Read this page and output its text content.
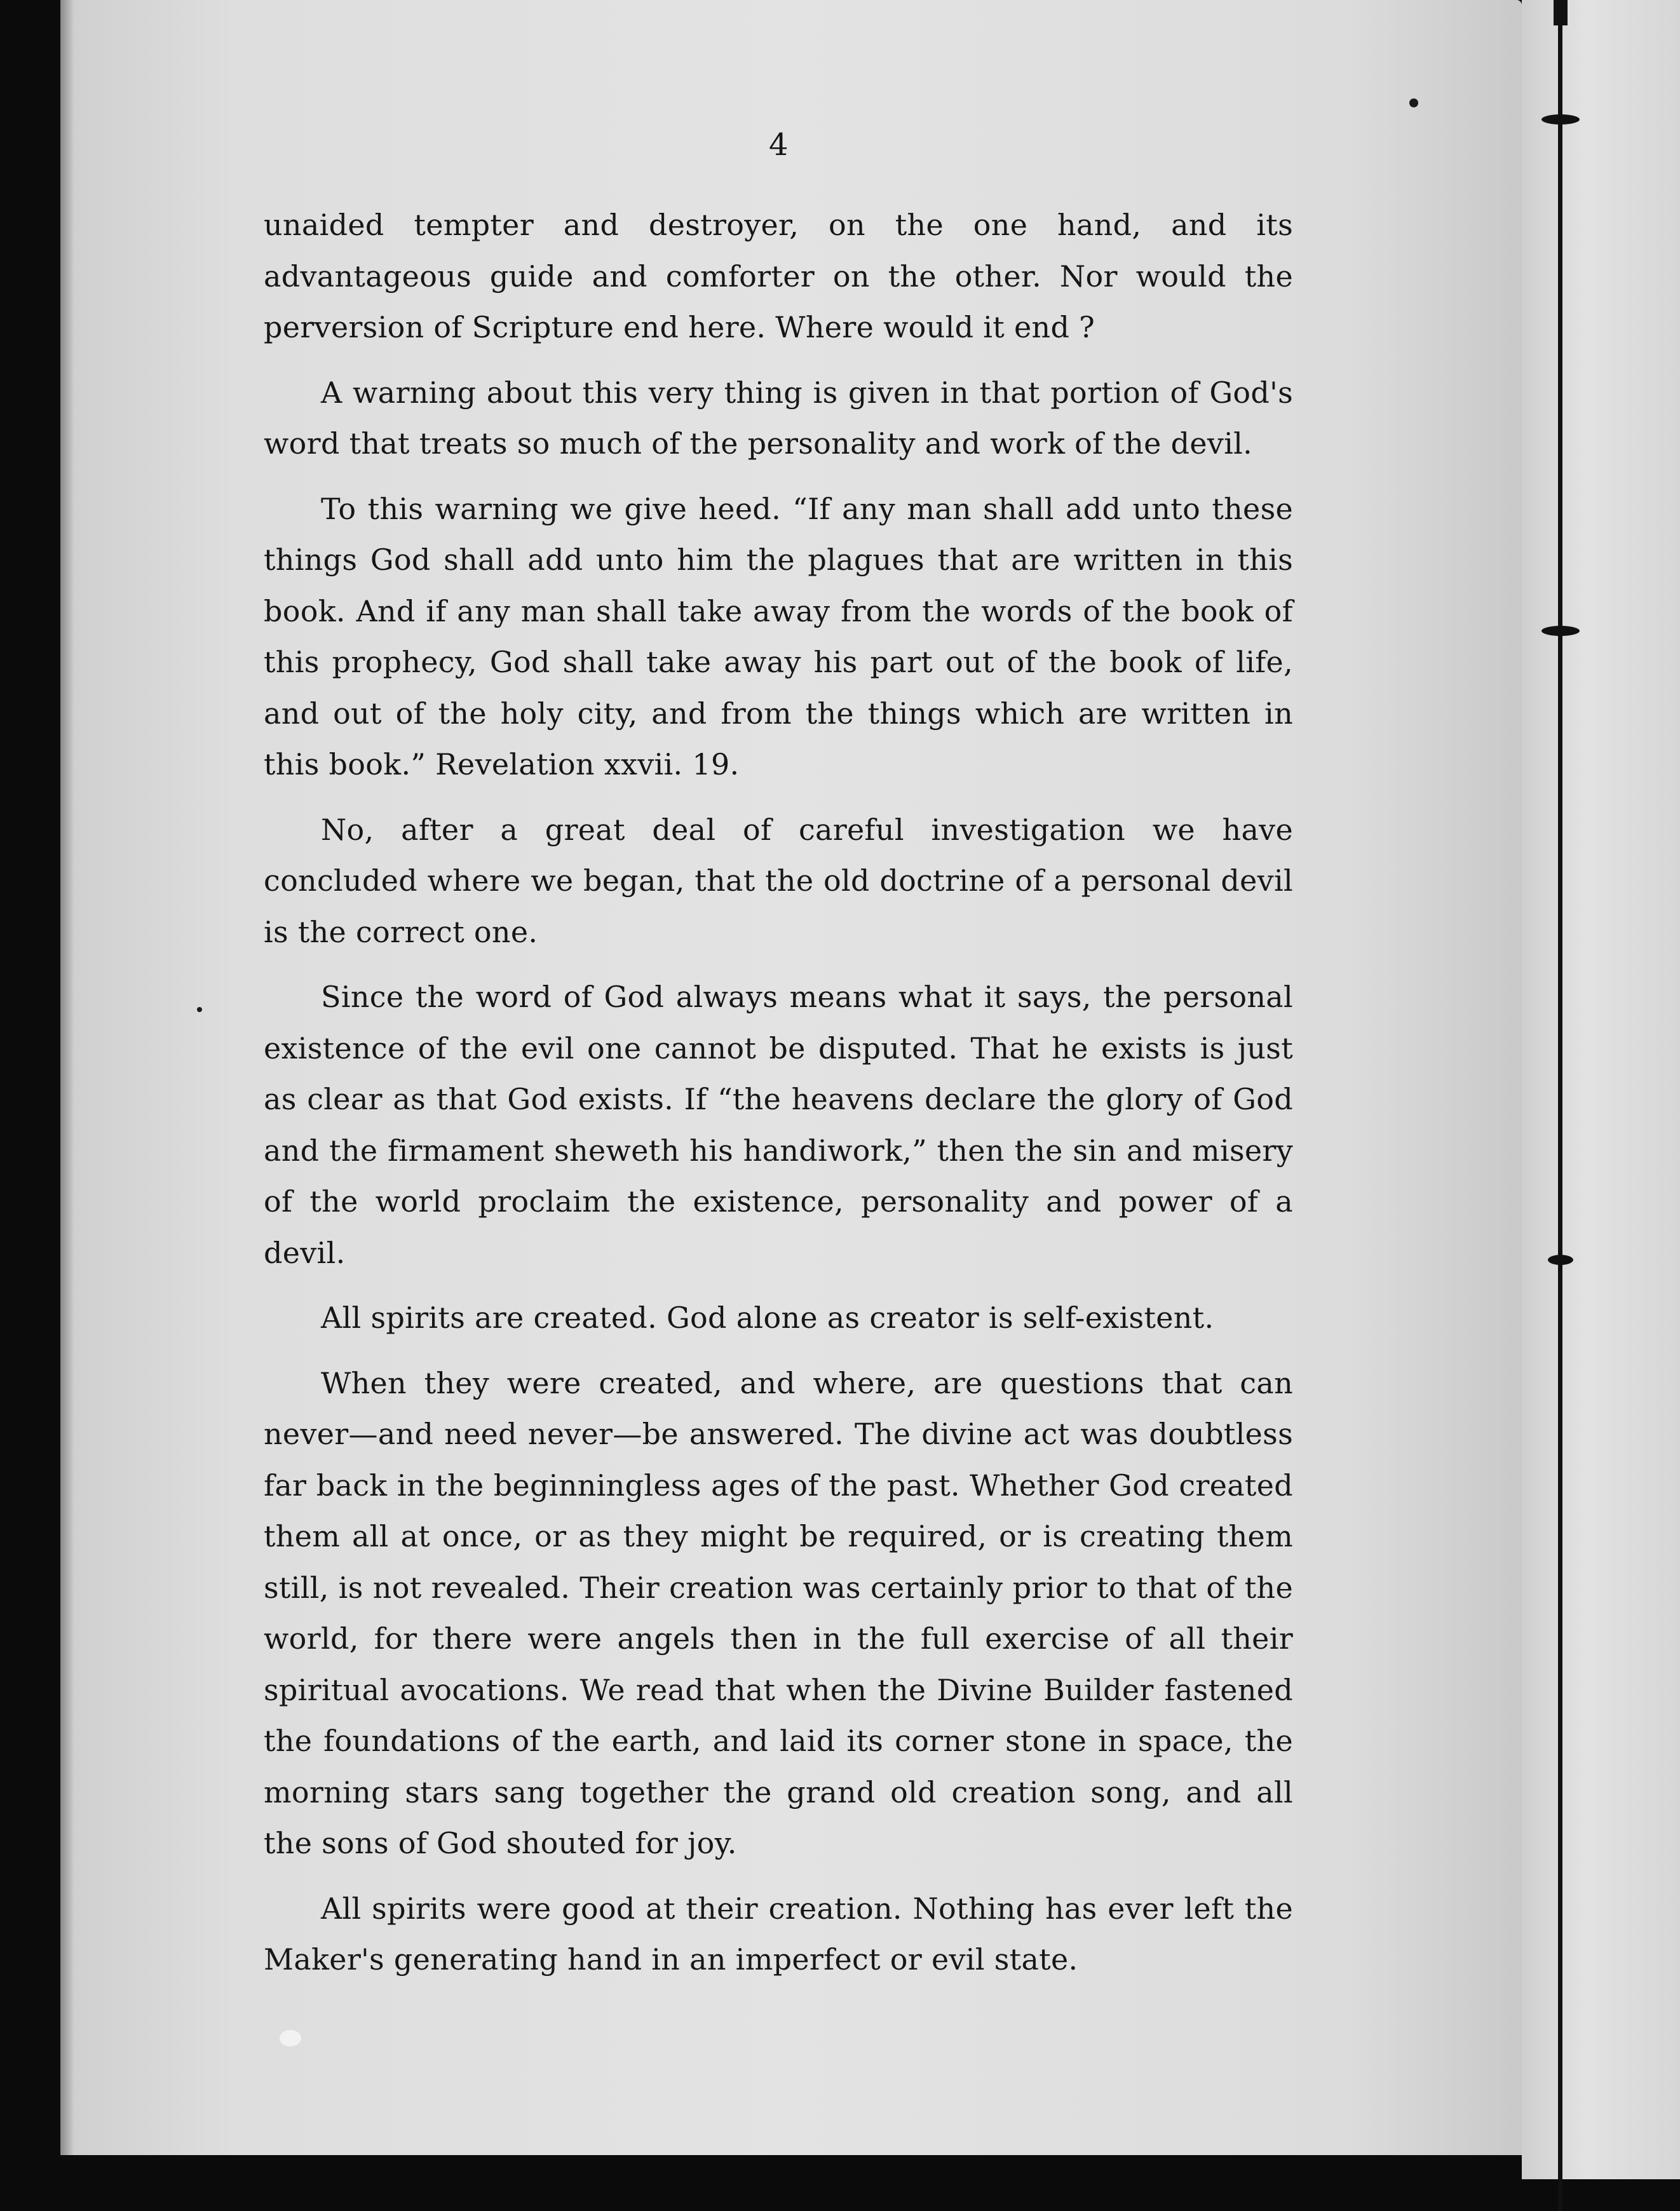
4

unaided tempter and destroyer, on the one hand, and its advantageous guide and comforter on the other. Nor would the perversion of Scripture end here. Where would it end ?

A warning about this very thing is given in that portion of God's word that treats so much of the personality and work of the devil.

To this warning we give heed. “If any man shall add unto these things God shall add unto him the plagues that are written in this book. And if any man shall take away from the words of the book of this prophecy, God shall take away his part out of the book of life, and out of the holy city, and from the things which are written in this book.” Revelation xxvii. 19.

No, after a great deal of careful investigation we have concluded where we began, that the old doctrine of a personal devil is the correct one.

Since the word of God always means what it says, the personal existence of the evil one cannot be disputed. That he exists is just as clear as that God exists. If “the heavens declare the glory of God and the firmament sheweth his handiwork,” then the sin and misery of the world proclaim the existence, personality and power of a devil.

All spirits are created. God alone as creator is self-existent.

When they were created, and where, are questions that can never—and need never—be answered. The divine act was doubtless far back in the beginningless ages of the past. Whether God created them all at once, or as they might be required, or is creating them still, is not revealed. Their creation was certainly prior to that of the world, for there were angels then in the full exercise of all their spiritual avocations. We read that when the Divine Builder fastened the foundations of the earth, and laid its corner stone in space, the morning stars sang together the grand old creation song, and all the sons of God shouted for joy.

All spirits were good at their creation. Nothing has ever left the Maker's generating hand in an imperfect or evil state.
